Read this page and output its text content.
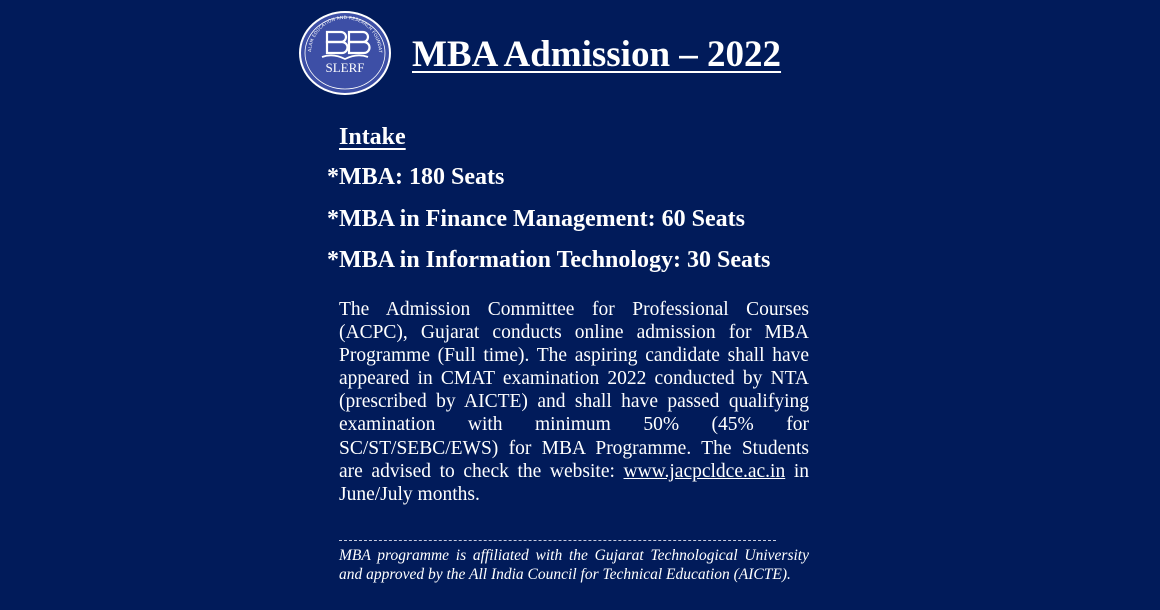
ALAM EDUCATION AND RESEARCH FOUNDAT
SLERF MBA Admission – 2022
Intake
*MBA: 180 Seats
*MBA in Finance Management: 60 Seats
*MBA in Information Technology: 30 Seats

The Admission Committee for Professional Courses (ACPC), Gujarat conducts online admission for MBA Programme (Full time). The aspiring candidate shall have appeared in CMAT examination 2022 conducted by NTA (prescribed by AICTE) and shall have passed qualifying examination with minimum 50% (45% for SC/ST/SEBC/EWS) for MBA Programme. The Students are advised to check the website: www.jacpcldce.ac.in in June/July months.

MBA programme is affiliated with the Gujarat Technological University and approved by the All India Council for Technical Education (AICTE).
